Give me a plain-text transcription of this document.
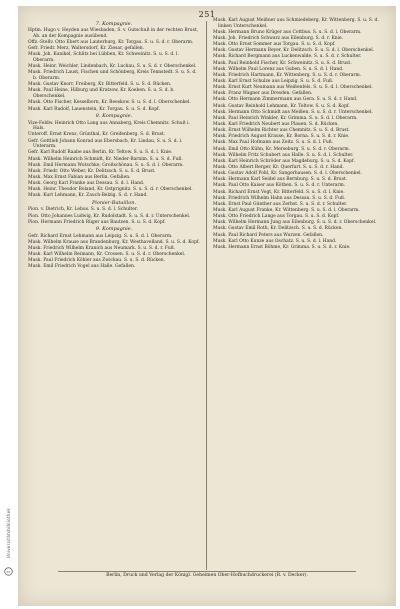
251
7. Kompagnie.
Hptm. Hugo v. Heyden aus Wiesbaden, S. v. Gutschuß in der rechten Brust, Ab. an der Kompagnie ausübend.
Offz.-Stellv. Otto Ebert aus Lauterburg, Kr. Torgau. S. u. S. d. r. Oberarm.
Gefr. Friedr. Merz, Waltersdorf, Kr. Ziesar, gefallen.
Musk. Joh. Kunikel, Schlitz bei Lübben, Kr. Schweinitz. S. u. S. d. l. Oberarm.
Musk. Heinr. Weichler, Lindenbach, Kr. Luckau, S. u. S. d. r. Oberschenkel.
Musk. Friedrich Laust, Fischen und Schönberg, Kreis Tennstedt. S. u. S. d. b. Oberarm.
Musk. Gustav Knorr, Freiberg, Kr. Bitterfeld. S. u. S. d. Rücken.
Musk. Paul Heine, Hilburg und Kratzow, Kr. Koeben. S. u. S. d. b. Oberschenkel.
Musk. Otto Fischer, Kesselborn, Kr. Beeskow. S. u. S. d. l. Oberschenkel.
Musk. Karl Rudolf, Lauenstein, Kr. Torgau. S. u. S. d. Kopf.
8. Kompagnie.
Vize-Feldw. Heinrich Otto Lang aus Annaberg, Kreis Chemnitz. Schuß i. Hals.
Unteroff. Ernst Krenz, Grünthal, Kr. Greifenberg. S. d. Brust.
Gefr. Gottlieb Johann Konrad aus Ebersbach, Kr. Lindau, S. u. S. d. l. Unterarm.
Gefr. Karl Rudolf Raabe aus Berlin, Kr. Teltow. S. u. S. d. l. Knie.
Musk. Wilhelm Heinrich Schmidt, Kr. Nieder-Barnim. S. u. S. d. Fuß.
Musk. Emil Hermann Wutschke, Großschönau. S. u. S. d. l. Oberarm.
Musk. Friedr. Otto Weber, Kr. Delitzsch. S. u. S. d. Brust.
Musk. Max Ernst Fabian aus Berlin. Gefallen.
Musk. Georg Karl Franke aus Dessau. S. d. l. Hand.
Musk. Heinr. Theodor Boland, Kr. Ostprignitz. S. u. S. d. r. Oberschenkel.
Musk. Kurt Lehmann, Kr. Zauch-Belzig. S. d. r. Hand.
Pionier-Bataillon.
Pion. v. Dietrich, Kr. Lebus. S. u. S. d. l. Schulter.
Pion. Otto Johannes Ludwig, Kr. Rudolstadt. S. u. S. d. r. Unterschenkel.
Pion. Hermann Friedrich Rüger aus Bautzen. S. u. S. d. Kopf.
9. Kompagnie.
Gefr. Richard Ernst Lehmann aus Leipzig. S. u. S. d. l. Oberarm.
Musk. Wilhelm Krause aus Brandenburg, Kr. Westhavelland. S. u. S. d. Kopf.
Musk. Friedrich Wilhelm Kranich aus Neumark. S. u. S. d. r. Fuß.
Musk. Karl Wilhelm Reimann, Kr. Crossen. S. u. S. d. r. Oberschenkel.
Musk. Paul Friedrich Köhler aus Zwickau. S. u. S. d. Rücken.
Musk. Emil Friedrich Vogel aus Halle. Gefallen.
Musk. Karl August Meißner aus Schmiedeberg, Kr. Wittenberg. S. u. S. d. linken Unterschenkel.
Musk. Hermann Bruno Krüger aus Cottbus. S. u. S. d. l. Oberarm.
Musk. Joh. Friedrich Schwarz aus Eilenburg. S. d. r. Knie.
Musk. Otto Ernst Sommer aus Torgau. S. u. S. d. Kopf.
Musk. Gustav Hermann Beyer, Kr. Delitzsch. S. u. S. d. l. Oberschenkel.
Musk. Richard Bergmann aus Luckenwalde. S. u. S. d. r. Schulter.
Musk. Paul Reinhold Fischer, Kr. Schweinitz. S. u. S. d. Brust.
Musk. Wilhelm Paul Lorenz aus Guben. S. u. S. d. l. Hand.
Musk. Friedrich Hartmann, Kr. Wittenberg. S. u. S. d. r. Oberarm.
Musk. Karl Ernst Schulze aus Leipzig. S. u. S. d. Fuß.
Musk. Ernst Kurt Neumann aus Weißenfels. S. u. S. d. l. Oberschenkel.
Musk. Franz Wagner aus Dresden. Gefallen.
Musk. Otto Hermann Zimmermann aus Gera. S. u. S. d. r. Hand.
Musk. Gustav Reinhold Lehmann, Kr. Teltow. S. u. S. d. Kopf.
Musk. Hermann Otto Schmidt aus Meißen. S. u. S. d. r. Unterschenkel.
Musk. Paul Heinrich Winkler, Kr. Grimma. S. u. S. d. l. Oberarm.
Musk. Karl Friedrich Neubert aus Plauen. S. d. Rücken.
Musk. Ernst Wilhelm Richter aus Chemnitz. S. u. S. d. Brust.
Musk. Friedrich August Krause, Kr. Borna. S. u. S. d. r. Knie.
Musk. Max Paul Hofmann aus Zeitz. S. u. S. d. l. Fuß.
Musk. Emil Otto Kühn, Kr. Merseburg. S. u. S. d. r. Oberarm.
Musk. Wilhelm Fritz Schubert aus Halle. S. u. S. d. l. Schulter.
Musk. Karl Heinrich Schröder aus Magdeburg. S. u. S. d. Kopf.
Musk. Otto Albert Berger, Kr. Querfurt. S. u. S. d. r. Hand.
Musk. Gustav Adolf Pohl, Kr. Sangerhausen. S. d. l. Oberschenkel.
Musk. Hermann Karl Seidel aus Bernburg. S. u. S. d. Brust.
Musk. Paul Otto Kaiser aus Köthen. S. u. S. d. r. Unterarm.
Musk. Richard Ernst Vogt, Kr. Bitterfeld. S. u. S. d. l. Knie.
Musk. Friedrich Wilhelm Hahn aus Dessau. S. u. S. d. Fuß.
Musk. Ernst Paul Günther aus Zerbst. S. u. S. d. r. Schulter.
Musk. Karl August Franke, Kr. Wittenberg. S. u. S. d. l. Oberarm.
Musk. Otto Friedrich Lange aus Torgau. S. u. S. d. Kopf.
Musk. Wilhelm Hermann Jung aus Eilenburg. S. u. S. d. r. Oberschenkel.
Musk. Gustav Emil Roth, Kr. Delitzsch. S. u. S. d. Rücken.
Musk. Paul Richard Peters aus Wurzen. Gefallen.
Musk. Karl Otto Kunze aus Oschatz. S. u. S. d. l. Hand.
Musk. Hermann Ernst Böhme, Kr. Grimma. S. u. S. d. r. Knie.
Berlin, Druck und Verlag der Königl. Geheimen Ober-Hofbuchdruckerei (R. v. Decker).
Universitätsbibliothek
cc
